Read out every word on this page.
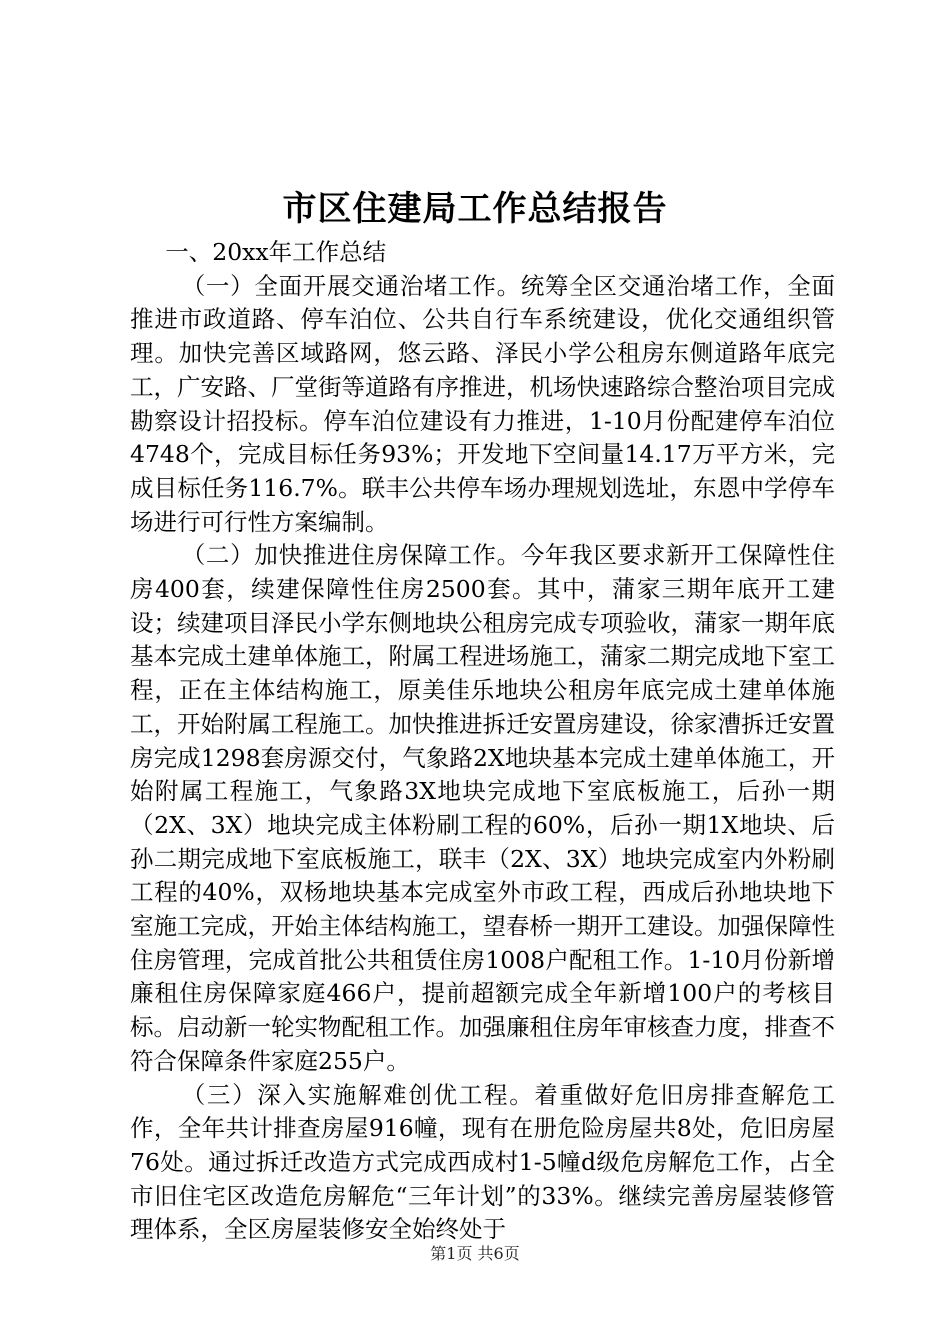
市区住建局工作总结报告

一、20xx年工作总结

（一）全面开展交通治堵工作。统筹全区交通治堵工作，全面推进市政道路、停车泊位、公共自行车系统建设，优化交通组织管理。加快完善区域路网，悠云路、泽民小学公租房东侧道路年底完工，广安路、厂堂街等道路有序推进，机场快速路综合整治项目完成勘察设计招投标。停车泊位建设有力推进，1-10月份配建停车泊位4748个，完成目标任务93%；开发地下空间量14.17万平方米，完成目标任务116.7%。联丰公共停车场办理规划选址，东恩中学停车场进行可行性方案编制。

（二）加快推进住房保障工作。今年我区要求新开工保障性住房400套，续建保障性住房2500套。其中，蒲家三期年底开工建设；续建项目泽民小学东侧地块公租房完成专项验收，蒲家一期年底基本完成土建单体施工，附属工程进场施工，蒲家二期完成地下室工程，正在主体结构施工，原美佳乐地块公租房年底完成土建单体施工，开始附属工程施工。加快推进拆迁安置房建设，徐家漕拆迁安置房完成1298套房源交付，气象路2X地块基本完成土建单体施工，开始附属工程施工，气象路3X地块完成地下室底板施工，后孙一期（2X、3X）地块完成主体粉刷工程的60%，后孙一期1X地块、后孙二期完成地下室底板施工，联丰（2X、3X）地块完成室内外粉刷工程的40%，双杨地块基本完成室外市政工程，西成后孙地块地下室施工完成，开始主体结构施工，望春桥一期开工建设。加强保障性住房管理，完成首批公共租赁住房1008户配租工作。1-10月份新增廉租住房保障家庭466户，提前超额完成全年新增100户的考核目标。启动新一轮实物配租工作。加强廉租住房年审核查力度，排查不符合保障条件家庭255户。

（三）深入实施解难创优工程。着重做好危旧房排查解危工作，全年共计排查房屋916幢，现有在册危险房屋共8处，危旧房屋76处。通过拆迁改造方式完成西成村1-5幢d级危房解危工作，占全市旧住宅区改造危房解危“三年计划”的33%。继续完善房屋装修管理体系，全区房屋装修安全始终处于

第1页 共6页
